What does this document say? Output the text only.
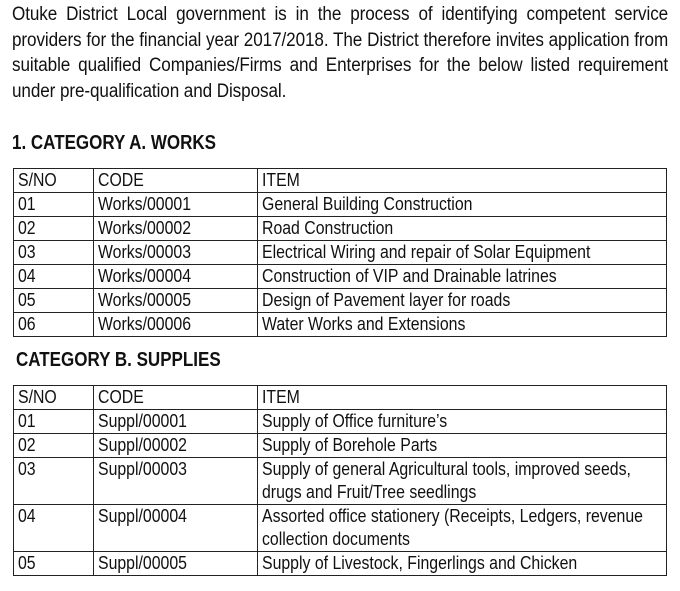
Otuke District Local government is in the process of identifying competent service providers for the financial year 2017/2018. The District therefore invites application from suitable qualified Companies/Firms and Enterprises for the below listed requirement under pre-qualification and Disposal.

1. CATEGORY A. WORKS
S/NO	CODE	ITEM
01	Works/00001	General Building Construction
02	Works/00002	Road Construction
03	Works/00003	Electrical Wiring and repair of Solar Equipment
04	Works/00004	Construction of VIP and Drainable latrines
05	Works/00005	Design of Pavement layer for roads
06	Works/00006	Water Works and Extensions
CATEGORY B. SUPPLIES
S/NO	CODE	ITEM
01	Suppl/00001	Supply of Office furniture’s
02	Suppl/00002	Supply of Borehole Parts
03	Suppl/00003	Supply of general Agricultural tools, improved seeds, drugs and Fruit/Tree seedlings
04	Suppl/00004	Assorted office stationery (Receipts, Ledgers, revenue collection documents
05	Suppl/00005	Supply of Livestock, Fingerlings and Chicken
